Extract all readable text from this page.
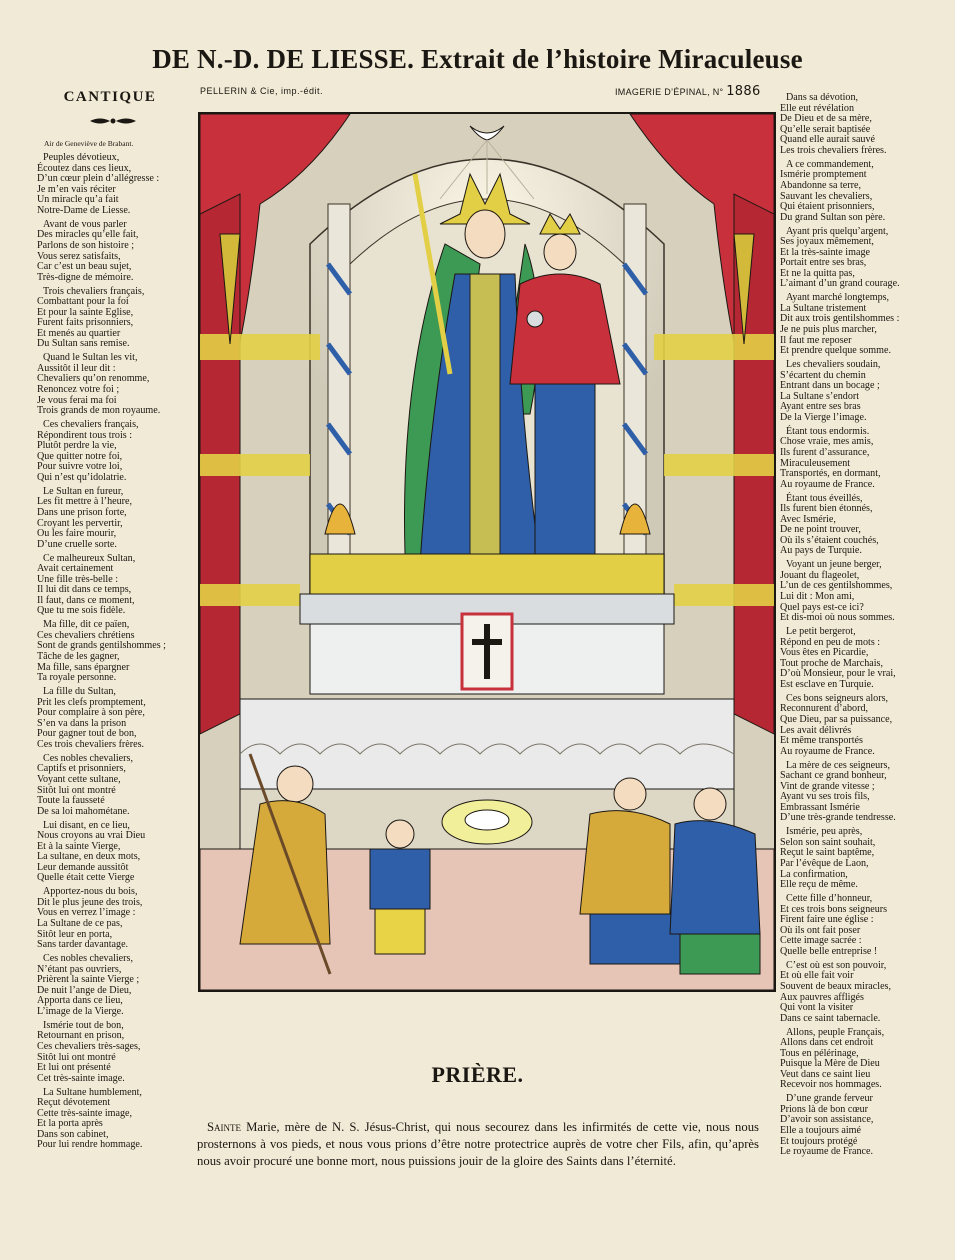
DE N.-D. DE LIESSE. Extrait de l’histoire Miraculeuse
CANTIQUE	PELLERIN & Cie, imp.-édit.	IMAGERIE D’ÉPINAL, N° 1886
Air de Geneviève de Brabant.
Peuples dévotieux,
Écoutez dans ces lieux,
D’un cœur plein d’allégresse :
Je m’en vais réciter
Un miracle qu’a fait
Notre-Dame de Liesse.
Avant de vous parler
Des miracles qu’elle fait,
Parlons de son histoire ;
Vous serez satisfaits,
Car c’est un beau sujet,
Très-digne de mémoire.
Trois chevaliers français,
Combattant pour la foi
Et pour la sainte Eglise,
Furent faits prisonniers,
Et menés au quartier
Du Sultan sans remise.
Quand le Sultan les vit,
Aussitôt il leur dit :
Chevaliers qu’on renomme,
Renoncez votre foi ;
Je vous ferai ma foi
Trois grands de mon royaume.
Ces chevaliers français,
Répondirent tous trois :
Plutôt perdre la vie,
Que quitter notre foi,
Pour suivre votre loi,
Qui n’est qu’idolatrie.
Le Sultan en fureur,
Les fit mettre à l’heure,
Dans une prison forte,
Croyant les pervertir,
Ou les faire mourir,
D’une cruelle sorte.
Ce malheureux Sultan,
Avait certainement
Une fille très-belle :
Il lui dit dans ce temps,
Il faut, dans ce moment,
Que tu me sois fidèle.
Ma fille, dit ce païen,
Ces chevaliers chrétiens
Sont de grands gentilshommes ;
Tâche de les gagner,
Ma fille, sans épargner
Ta royale personne.
La fille du Sultan,
Prit les clefs promptement,
Pour complaire à son père,
S’en va dans la prison
Pour gagner tout de bon,
Ces trois chevaliers frères.
Ces nobles chevaliers,
Captifs et prisonniers,
Voyant cette sultane,
Sitôt lui ont montré
Toute la fausseté
De sa loi mahométane.
Lui disant, en ce lieu,
Nous croyons au vrai Dieu
Et à la sainte Vierge,
La sultane, en deux mots,
Leur demande aussitôt
Quelle était cette Vierge
Apportez-nous du bois,
Dit le plus jeune des trois,
Vous en verrez l’image :
La Sultane de ce pas,
Sitôt leur en porta,
Sans tarder davantage.
Ces nobles chevaliers,
N’étant pas ouvriers,
Prièrent la sainte Vierge ;
De nuit l’ange de Dieu,
Apporta dans ce lieu,
L’image de la Vierge.
Ismérie tout de bon,
Retournant en prison,
Ces chevaliers très-sages,
Sitôt lui ont montré
Et lui ont présenté
Cet très-sainte image.
La Sultane humblement,
Reçut dévotement
Cette très-sainte image,
Et la porta après
Dans son cabinet,
Pour lui rendre hommage.
Dans sa dévotion,
Elle eut révélation
De Dieu et de sa mère,
Qu’elle serait baptisée
Quand elle aurait sauvé
Les trois chevaliers frères.
A ce commandement,
Ismérie promptement
Abandonne sa terre,
Sauvant les chevaliers,
Qui étaient prisonniers,
Du grand Sultan son père.
Ayant pris quelqu’argent,
Ses joyaux mêmement,
Et la très-sainte image
Portait entre ses bras,
Et ne la quitta pas,
L’aimant d’un grand courage.
Ayant marché longtemps,
La Sultane tristement
Dit aux trois gentilshommes :
Je ne puis plus marcher,
Il faut me reposer
Et prendre quelque somme.
Les chevaliers soudain,
S’écartent du chemin
Entrant dans un bocage ;
La Sultane s’endort
Ayant entre ses bras
De la Vierge l’image.
Étant tous endormis.
Chose vraie, mes amis,
Ils furent d’assurance,
Miraculeusement
Transportés, en dormant,
Au royaume de France.
Étant tous éveillés,
Ils furent bien étonnés,
Avec Ismérie,
De ne point trouver,
Où ils s’étaient couchés,
Au pays de Turquie.
Voyant un jeune berger,
Jouant du flageolet,
L’un de ces gentilshommes,
Lui dit : Mon ami,
Quel pays est-ce ici?
Et dis-moi où nous sommes.
Le petit bergerot,
Répond en peu de mots :
Vous êtes en Picardie,
Tout proche de Marchais,
D’où Monsieur, pour le vrai,
Est esclave en Turquie.
Ces bons seigneurs alors,
Reconnurent d’abord,
Que Dieu, par sa puissance,
Les avait délivrés
Et même transportés
Au royaume de France.
La mère de ces seigneurs,
Sachant ce grand bonheur,
Vint de grande vitesse ;
Ayant vu ses trois fils,
Embrassant Ismérie
D’une très-grande tendresse.
Ismérie, peu après,
Selon son saint souhait,
Reçut le saint baptême,
Par l’évêque de Laon,
La confirmation,
Elle reçu de même.
Cette fille d’honneur,
Et ces trois bons seigneurs
Firent faire une église :
Où ils ont fait poser
Cette image sacrée :
Quelle belle entreprise !
C’est où est son pouvoir,
Et où elle fait voir
Souvent de beaux miracles,
Aux pauvres affligés
Qui vont la visiter
Dans ce saint tabernacle.
Allons, peuple Français,
Allons dans cet endroit
Tous en pélérinage,
Puisque la Mère de Dieu
Veut dans ce saint lieu
Recevoir nos hommages.
D’une grande ferveur
Prions là de bon cœur
D’avoir son assistance,
Elle a toujours aimé
Et toujours protégé
Le royaume de France.
PRIÈRE.
Sainte Marie, mère de N. S. Jésus-Christ, qui nous secourez dans les infirmités de cette vie, nous nous prosternons à vos pieds, et nous vous prions d’être notre protectrice auprès de votre cher Fils, afin, qu’après nous avoir procuré une bonne mort, nous puissions jouir de la gloire des Saints dans l’éternité.
